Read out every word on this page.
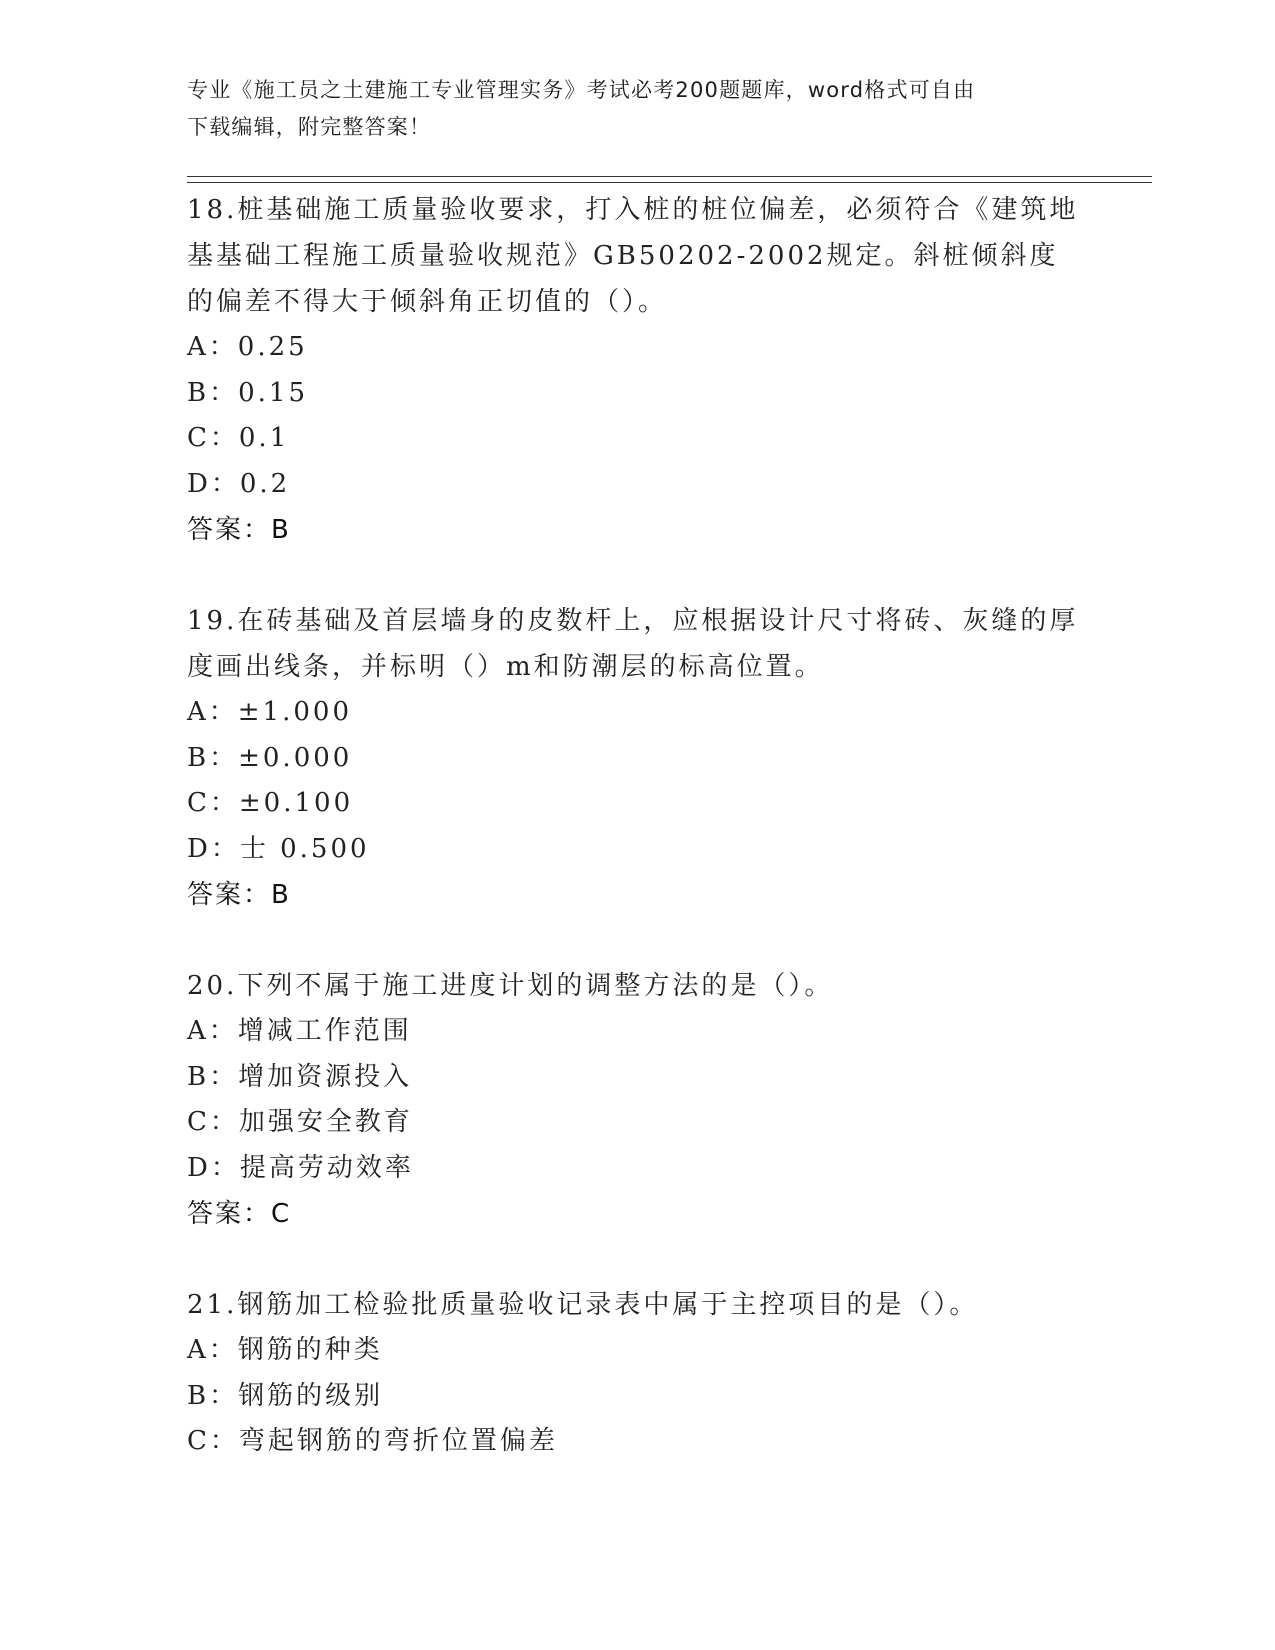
专业《施工员之土建施工专业管理实务》考试必考200题题库，word格式可自由
下载编辑，附完整答案！
18.桩基础施工质量验收要求，打入桩的桩位偏差，必须符合《建筑地基基础工程施工质量验收规范》GB50202-2002规定。斜桩倾斜度的偏差不得大于倾斜角正切值的（）。
A：0.25
B：0.15
C：0.1
D：0.2
答案：B
19.在砖基础及首层墙身的皮数杆上，应根据设计尺寸将砖、灰缝的厚度画出线条，并标明（）m和防潮层的标高位置。
A：±1.000
B：±0.000
C：±0.100
D：士 0.500
答案：B
20.下列不属于施工进度计划的调整方法的是（）。
A：增减工作范围
B：增加资源投入
C：加强安全教育
D：提高劳动效率
答案：C
21.钢筋加工检验批质量验收记录表中属于主控项目的是（）。
A：钢筋的种类
B：钢筋的级别
C：弯起钢筋的弯折位置偏差
